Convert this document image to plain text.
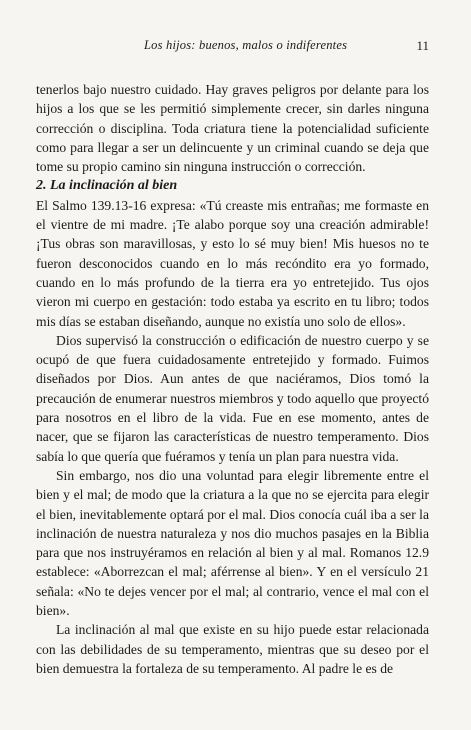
Los hijos: buenos, malos o indiferentes	11

tenerlos bajo nuestro cuidado. Hay graves peligros por delante para los hijos a los que se les permitió simplemente crecer, sin darles ninguna corrección o disciplina. Toda criatura tiene la potencialidad suficiente como para llegar a ser un delincuente y un criminal cuando se deja que tome su propio camino sin ninguna instrucción o corrección.

2. La inclinación al bien

El Salmo 139.13-16 expresa: «Tú creaste mis entrañas; me formaste en el vientre de mi madre. ¡Te alabo porque soy una creación admirable! ¡Tus obras son maravillosas, y esto lo sé muy bien! Mis huesos no te fueron desconocidos cuando en lo más recóndito era yo formado, cuando en lo más profundo de la tierra era yo entretejido. Tus ojos vieron mi cuerpo en gestación: todo estaba ya escrito en tu libro; todos mis días se estaban diseñando, aunque no existía uno solo de ellos».

Dios supervisó la construcción o edificación de nuestro cuerpo y se ocupó de que fuera cuidadosamente entretejido y formado. Fuimos diseñados por Dios. Aun antes de que naciéramos, Dios tomó la precaución de enumerar nuestros miembros y todo aquello que proyectó para nosotros en el libro de la vida. Fue en ese momento, antes de nacer, que se fijaron las características de nuestro temperamento. Dios sabía lo que quería que fuéramos y tenía un plan para nuestra vida.

Sin embargo, nos dio una voluntad para elegir libremente entre el bien y el mal; de modo que la criatura a la que no se ejercita para elegir el bien, inevitablemente optará por el mal. Dios conocía cuál iba a ser la inclinación de nuestra naturaleza y nos dio muchos pasajes en la Biblia para que nos instruyéramos en relación al bien y al mal. Romanos 12.9 establece: «Aborrezcan el mal; aférrense al bien». Y en el versículo 21 señala: «No te dejes vencer por el mal; al contrario, vence el mal con el bien».

La inclinación al mal que existe en su hijo puede estar relacionada con las debilidades de su temperamento, mientras que su deseo por el bien demuestra la fortaleza de su temperamento. Al padre le es de
